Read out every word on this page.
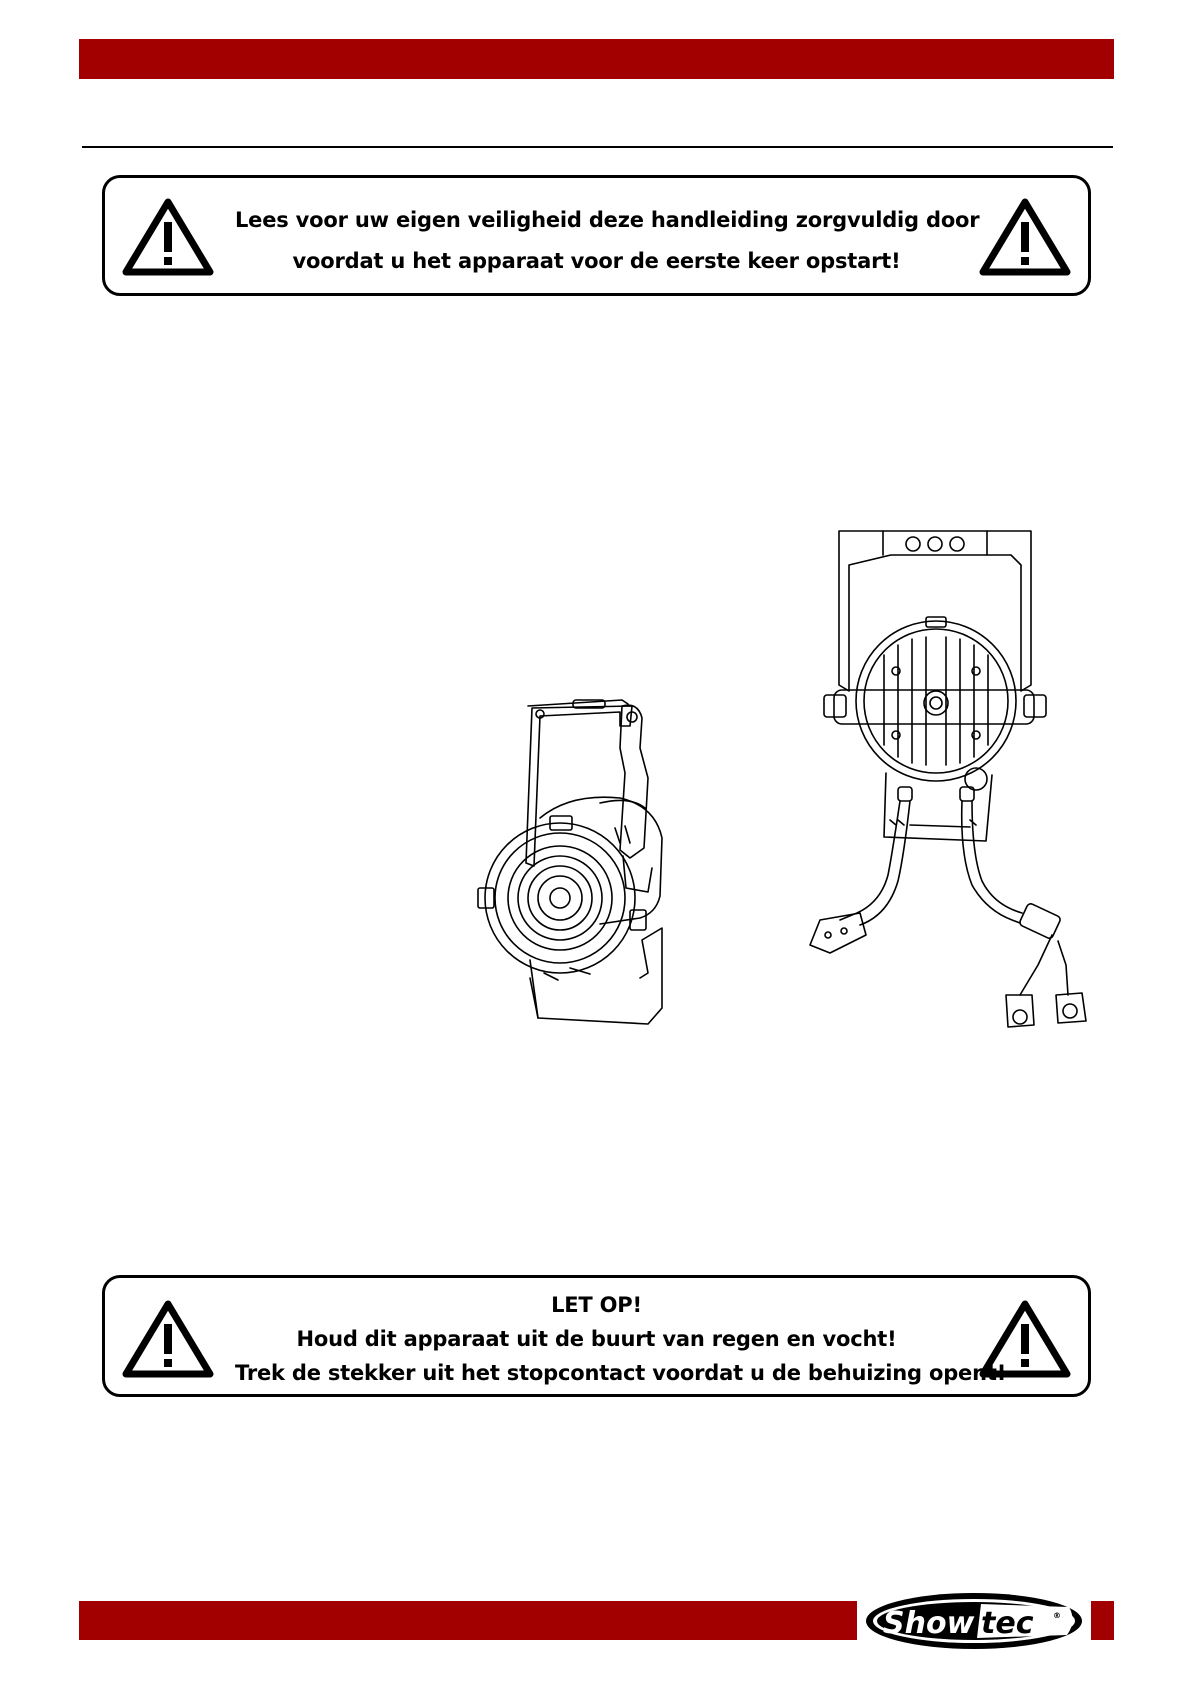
Lees voor uw eigen veiligheid deze handleiding zorgvuldig door
voordat u het apparaat voor de eerste keer opstart!
LET OP!
Houd dit apparaat uit de buurt van regen en vocht!
Trek de stekker uit het stopcontact voordat u de behuizing opent!
Show tec ®
